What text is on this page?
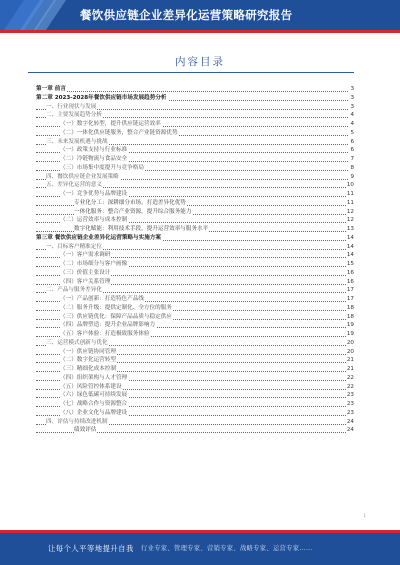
餐饮供应链企业差异化运营策略研究报告
内容目录
第一章 前言	3
第二章 2023-2028年餐饮供应链市场发展趋势分析	3
一、行业现状与发展	3
二、主要发展趋势分析	4
（一）数字化转型，提升供应链运营效率	4
（二）一体化供应链服务，整合产业链资源优势	5
三、未来发展机遇与挑战	6
（一）政策支持与行业标准	6
（二）冷链物流与食品安全	7
（三）市场集中度提升与竞争格局	8
四、餐饮供应链企业发展策略	9
五、差异化运营的意义	10
（一）竞争优势与品牌建设	11
专业化分工：深耕细分市场，打造差异化优势	11
一体化服务：整合产业资源，提升综合服务能力	12
（二）运营效率与成本控制	12
数字化赋能：利用技术手段，提升运营效率与服务水平	13
第三章 餐饮供应链企业差异化运营策略与实施方案	14
一、目标客户精准定位	14
（一）客户需求调研	14
（二）市场细分与客户画像	15
（三）价值主张设计	16
（四）客户关系管理	16
二、产品与服务差异化	17
（一）产品创新：打造特色产品线	17
（二）服务升级：提供定制化、全方位的服务	18
（三）供应链优化：保障产品品质与稳定供应	18
（四）品牌塑造：提升企业品牌影响力	19
（五）客户体验：打造极致服务体验	19
三、运营模式创新与优化	20
（一）供应链协同管理	20
（二）数字化运营转型	21
（三）精细化成本控制	21
（四）组织架构与人才管理	22
（五）风险管控体系建设	22
（六）绿色低碳可持续发展	23
（七）战略合作与资源整合	23
（八）企业文化与品牌建设	23
四、评估与持续改进机制	24
绩效评估	24
1
让每个人平等地提升自我 行业专家、管理专家、营销专家、战略专家、运营专家……
